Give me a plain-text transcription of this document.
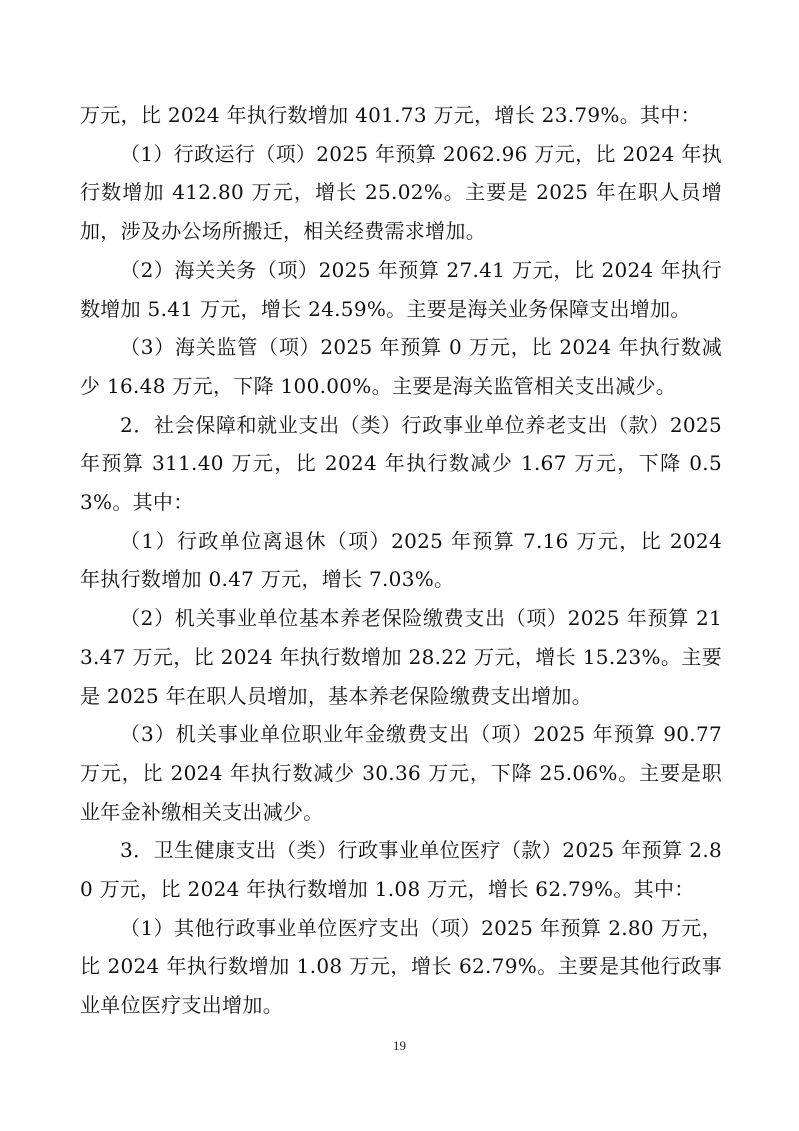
万元，比 2024 年执行数增加 401.73 万元，增长 23.79%。其中：

（1）行政运行（项）2025 年预算 2062.96 万元，比 2024 年执行数增加 412.80 万元，增长 25.02%。主要是 2025 年在职人员增加，涉及办公场所搬迁，相关经费需求增加。

（2）海关关务（项）2025 年预算 27.41 万元，比 2024 年执行数增加 5.41 万元，增长 24.59%。主要是海关业务保障支出增加。

（3）海关监管（项）2025 年预算 0 万元，比 2024 年执行数减少 16.48 万元，下降 100.00%。主要是海关监管相关支出减少。

2．社会保障和就业支出（类）行政事业单位养老支出（款）2025 年预算 311.40 万元，比 2024 年执行数减少 1.67 万元，下降 0.53%。其中：

（1）行政单位离退休（项）2025 年预算 7.16 万元，比 2024 年执行数增加 0.47 万元，增长 7.03%。

（2）机关事业单位基本养老保险缴费支出（项）2025 年预算 213.47 万元，比 2024 年执行数增加 28.22 万元，增长 15.23%。主要是 2025 年在职人员增加，基本养老保险缴费支出增加。

（3）机关事业单位职业年金缴费支出（项）2025 年预算 90.77 万元，比 2024 年执行数减少 30.36 万元，下降 25.06%。主要是职业年金补缴相关支出减少。

3．卫生健康支出（类）行政事业单位医疗（款）2025 年预算 2.80 万元，比 2024 年执行数增加 1.08 万元，增长 62.79%。其中：

（1）其他行政事业单位医疗支出（项）2025 年预算 2.80 万元，比 2024 年执行数增加 1.08 万元，增长 62.79%。主要是其他行政事业单位医疗支出增加。

19
